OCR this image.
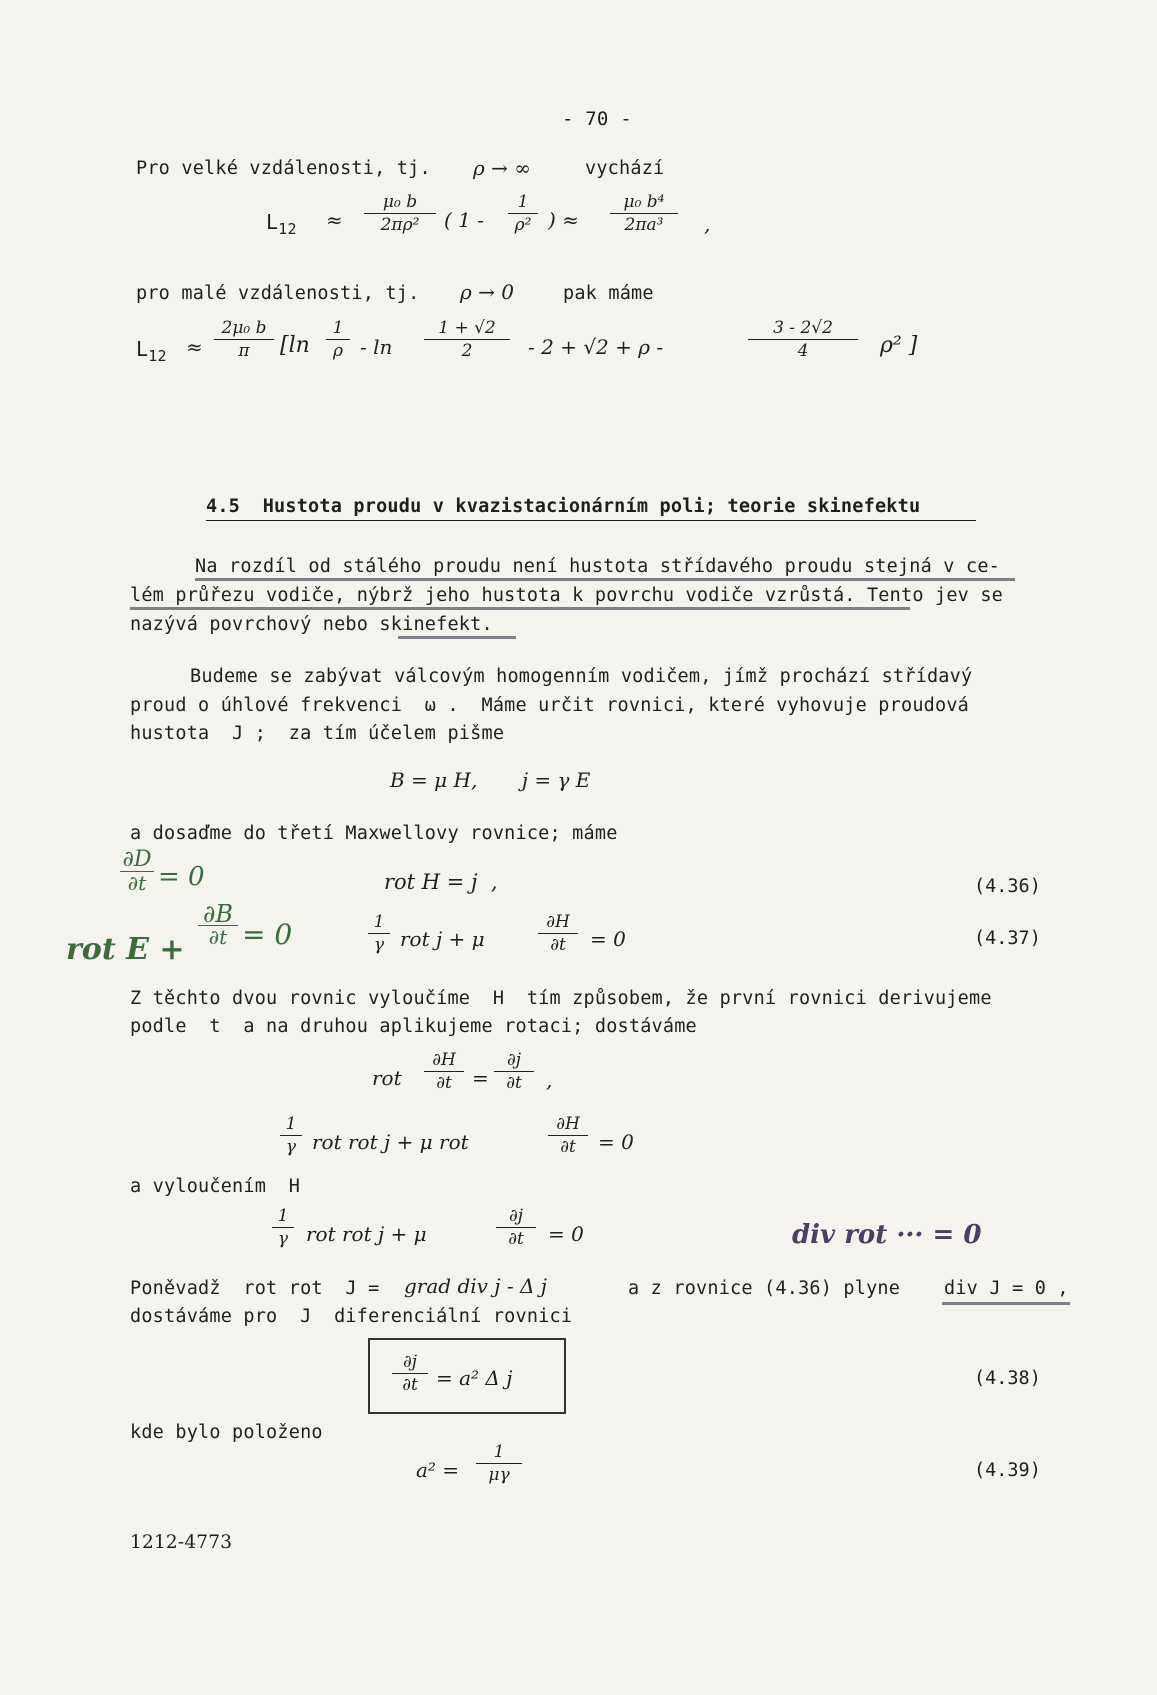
- 70 -
Pro velké vzdálenosti, tj. ρ → ∞	vychází
$L_{12}$ ≈
μ₀ b
2πρ²	( 1 -
1
ρ² ) ≈
μ₀ b⁴
2πa³	,
pro malé vzdálenosti, tj. ρ → 0	pak máme
$L_{12}$ ≈
2μ₀ b
π	[ln
1
ρ - ln
1 + √2
2	- 2 + √2 + ρ -
3 - 2√2
4	ρ² ]
4.5  Hustota proudu v kvazistacionárním poli; teorie skinefektu
Na rozdíl od stálého proudu není hustota střídavého proudu stejná v ce-
lém průřezu vodiče, nýbrž jeho hustota k povrchu vodiče vzrůstá. Tento jev se
nazývá povrchový nebo skinefekt.
Budeme se zabývat válcovým homogenním vodičem, jímž prochází střídavý
proud o úhlové frekvenci  ω .  Máme určit rovnici, které vyhovuje proudová
hustota  J ;  za tím účelem pišme
B = μ H,       j = γ E
a dosaďme do třetí Maxwellovy rovnice; máme
∂D
∂t = 0
rot E +
∂B
∂t = 0
rot H = j  ,	(4.36)
1
γ rot j + μ
∂H
∂t	= 0	(4.37)
Z těchto dvou rovnic vyloučíme  H  tím způsobem, že první rovnici derivujeme
podle  t  a na druhou aplikujeme rotaci; dostáváme
rot
∂H
∂t	=
∂j
∂t	,
1
γ rot rot j + μ rot
∂H
∂t	= 0
a vyloučením  H
1
γ rot rot j + μ
∂j
∂t	= 0	div rot ··· = 0
Poněvadž  rot rot  J = grad div j - Δ j	a z rovnice (4.36) plyne div J = 0 ,
dostáváme pro  J  diferenciální rovnici
∂j
∂t = a² Δ j	(4.38)
kde bylo položeno
a² =
1
μγ	(4.39)
1212-4773
